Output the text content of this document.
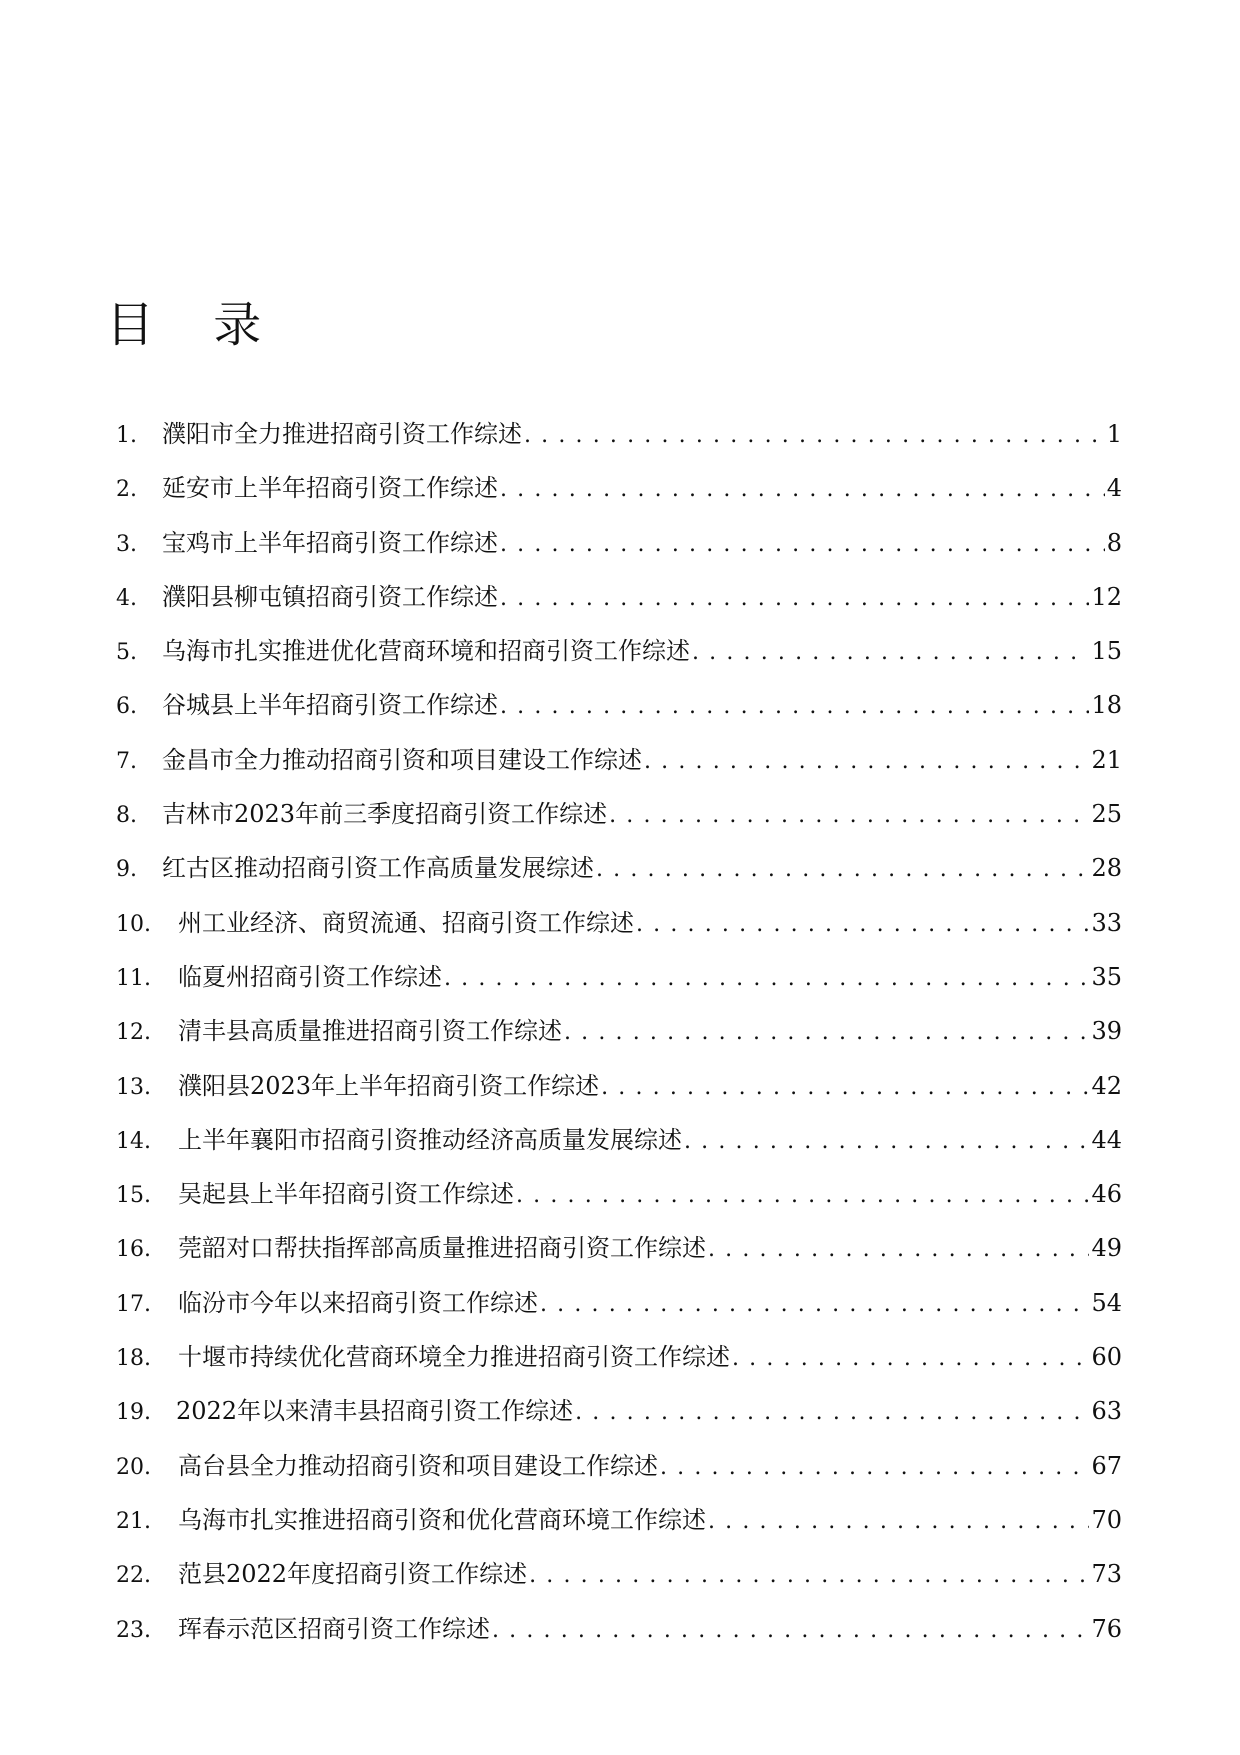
目 录
1.	濮阳市全力推进招商引资工作综述 . . .	1
2.	延安市上半年招商引资工作综述 . . .	4
3.	宝鸡市上半年招商引资工作综述 . . .	8
4.	濮阳县柳屯镇招商引资工作综述 . . .	12
5.	乌海市扎实推进优化营商环境和招商引资工作综述 . . .	15
6.	谷城县上半年招商引资工作综述 . . .	18
7.	金昌市全力推动招商引资和项目建设工作综述 . . .	21
8.	吉林市2023年前三季度招商引资工作综述 . . .	25
9.	红古区推动招商引资工作高质量发展综述 . . .	28
10.	州工业经济、商贸流通、招商引资工作综述 . . .	33
11.	临夏州招商引资工作综述 . . .	35
12.	清丰县高质量推进招商引资工作综述 . . .	39
13.	濮阳县2023年上半年招商引资工作综述 . . .	42
14.	上半年襄阳市招商引资推动经济高质量发展综述 . . .	44
15.	吴起县上半年招商引资工作综述 . . .	46
16.	莞韶对口帮扶指挥部高质量推进招商引资工作综述 . . .	49
17.	临汾市今年以来招商引资工作综述 . . .	54
18.	十堰市持续优化营商环境全力推进招商引资工作综述 . . .	60
19.	2022年以来清丰县招商引资工作综述 . . .	63
20.	高台县全力推动招商引资和项目建设工作综述 . . .	67
21.	乌海市扎实推进招商引资和优化营商环境工作综述 . . .	70
22.	范县2022年度招商引资工作综述 . . .	73
23.	珲春示范区招商引资工作综述 . . .	76
